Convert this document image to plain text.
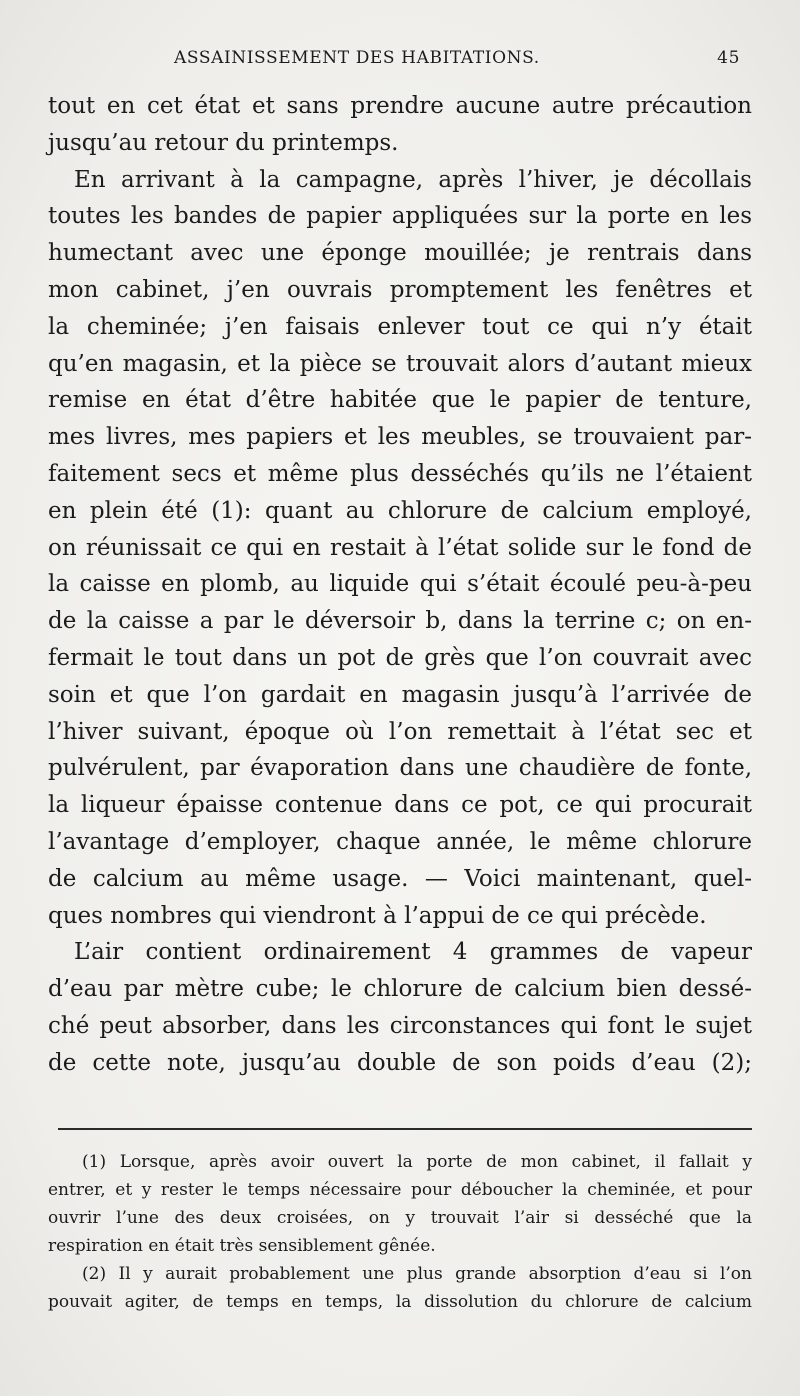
ASSAINISSEMENT DES HABITATIONS.	45
tout en cet état et sans prendre aucune autre précaution
jusqu’au retour du printemps.
En arrivant à la campagne, après l’hiver, je décollais
toutes les bandes de papier appliquées sur la porte en les
humectant avec une éponge mouillée; je rentrais dans
mon cabinet, j’en ouvrais promptement les fenêtres et
la cheminée; j’en faisais enlever tout ce qui n’y était
qu’en magasin, et la pièce se trouvait alors d’autant mieux
remise en état d’être habitée que le papier de tenture,
mes livres, mes papiers et les meubles, se trouvaient par-
faitement secs et même plus desséchés qu’ils ne l’étaient
en plein été (1): quant au chlorure de calcium employé,
on réunissait ce qui en restait à l’état solide sur le fond de
la caisse en plomb, au liquide qui s’était écoulé peu-à-peu
de la caisse a par le déversoir b, dans la terrine c; on en-
fermait le tout dans un pot de grès que l’on couvrait avec
soin et que l’on gardait en magasin jusqu’à l’arrivée de
l’hiver suivant, époque où l’on remettait à l’état sec et
pulvérulent, par évaporation dans une chaudière de fonte,
la liqueur épaisse contenue dans ce pot, ce qui procurait
l’avantage d’employer, chaque année, le même chlorure
de calcium au même usage. — Voici maintenant, quel-
ques nombres qui viendront à l’appui de ce qui précède.
L’air contient ordinairement 4 grammes de vapeur
d’eau par mètre cube; le chlorure de calcium bien dessé-
ché peut absorber, dans les circonstances qui font le sujet
de cette note, jusqu’au double de son poids d’eau (2);
(1) Lorsque, après avoir ouvert la porte de mon cabinet, il fallait y
entrer, et y rester le temps nécessaire pour déboucher la cheminée, et pour
ouvrir l’une des deux croisées, on y trouvait l’air si desséché que la
respiration en était très sensiblement gênée.
(2) Il y aurait probablement une plus grande absorption d’eau si l’on
pouvait agiter, de temps en temps, la dissolution du chlorure de calcium
